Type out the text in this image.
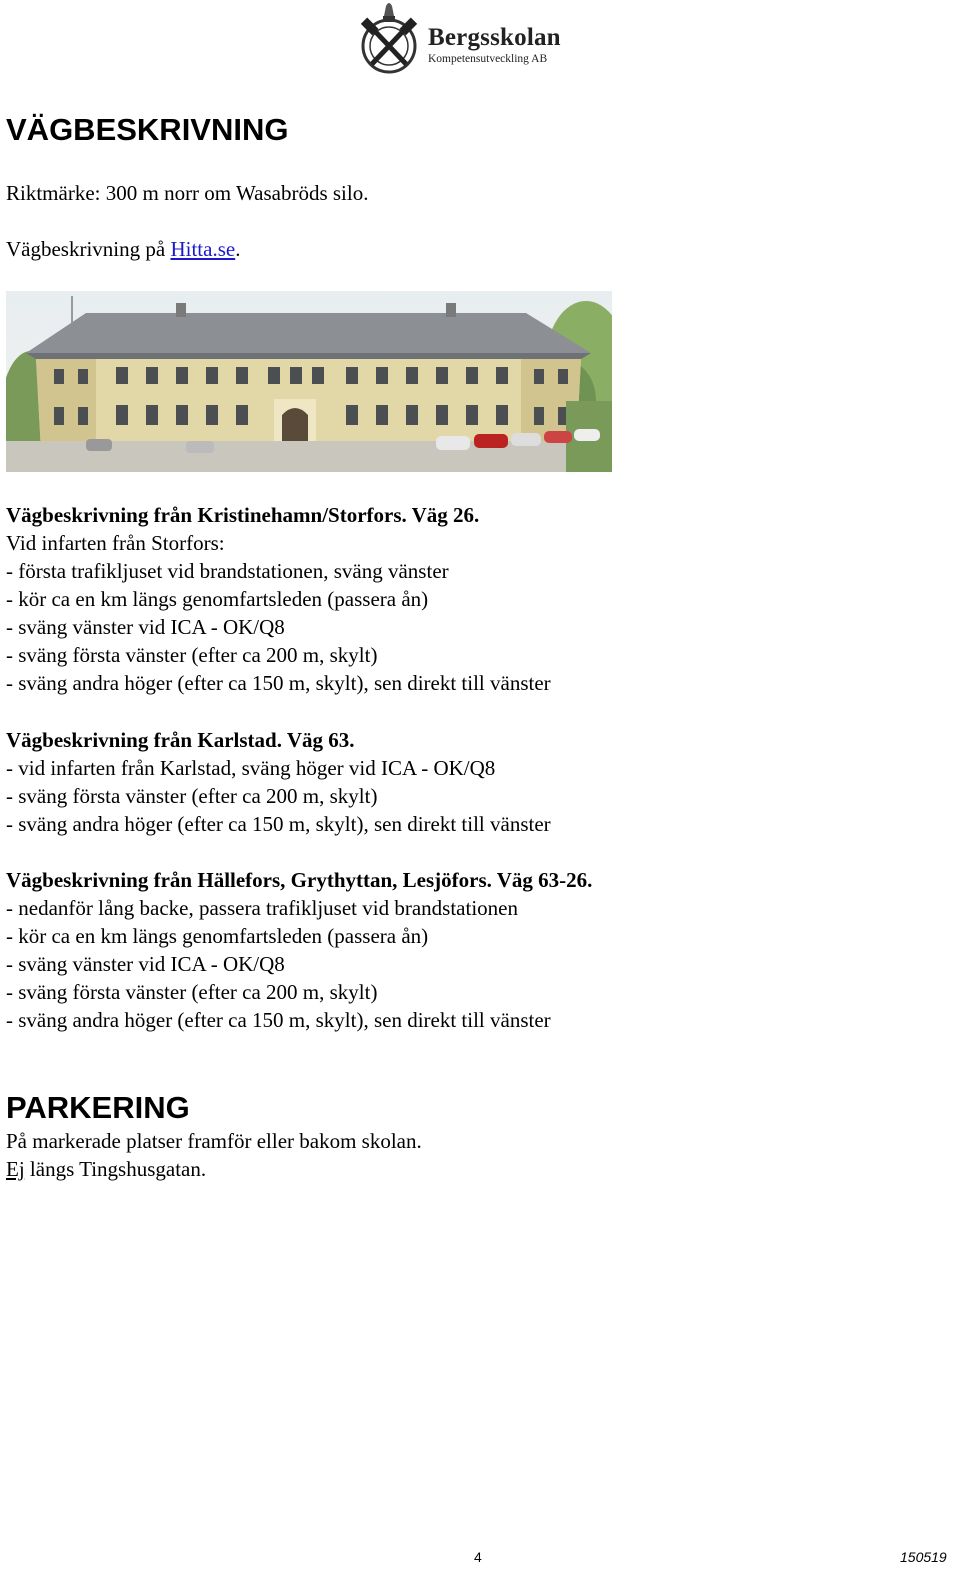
Bergsskolan
Kompetensutveckling AB
VÄGBESKRIVNING
Riktmärke: 300 m norr om Wasabröds silo.
Vägbeskrivning på Hitta.se.
Vägbeskrivning från Kristinehamn/Storfors. Väg 26.
Vid infarten från Storfors:
- första trafikljuset vid brandstationen, sväng vänster
- kör ca en km längs genomfartsleden (passera ån)
- sväng vänster vid ICA - OK/Q8
- sväng första vänster (efter ca 200 m, skylt)
- sväng andra höger (efter ca 150 m, skylt), sen direkt till vänster
Vägbeskrivning från Karlstad. Väg 63.
- vid infarten från Karlstad, sväng höger vid ICA - OK/Q8
- sväng första vänster (efter ca 200 m, skylt)
- sväng andra höger (efter ca 150 m, skylt), sen direkt till vänster
Vägbeskrivning från Hällefors, Grythyttan, Lesjöfors. Väg 63-26.
- nedanför lång backe, passera trafikljuset vid brandstationen
- kör ca en km längs genomfartsleden (passera ån)
- sväng vänster vid ICA - OK/Q8
- sväng första vänster (efter ca 200 m, skylt)
- sväng andra höger (efter ca 150 m, skylt), sen direkt till vänster
PARKERING
På markerade platser framför eller bakom skolan.
Ej längs Tingshusgatan.
4	150519
